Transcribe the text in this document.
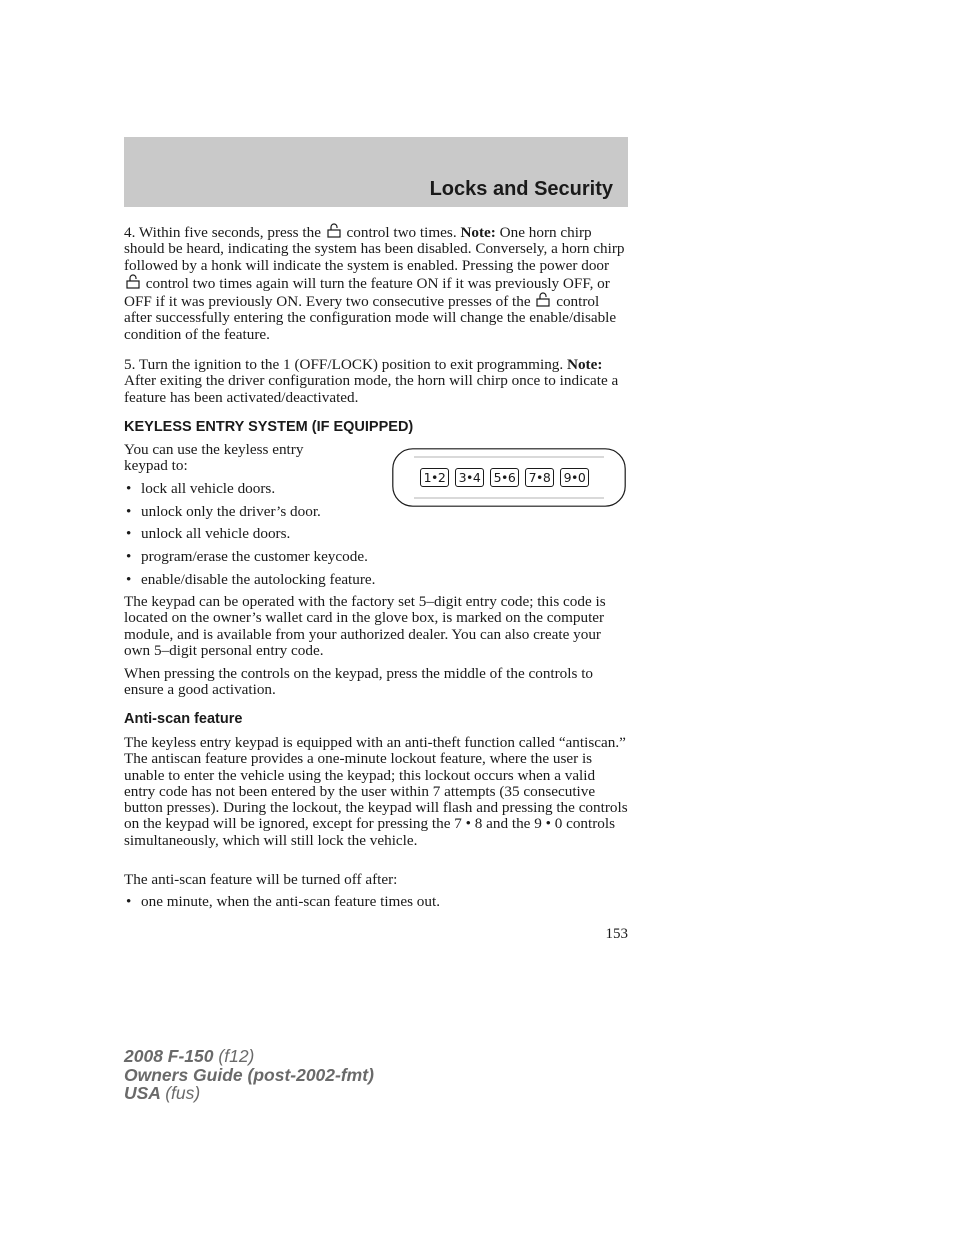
Locks and Security
4. Within five seconds, press the control two times. Note: One horn chirp should be heard, indicating the system has been disabled. Conversely, a horn chirp followed by a honk will indicate the system is enabled. Pressing the power door  control two times again will turn the feature ON if it was previously OFF, or OFF if it was previously ON. Every two consecutive presses of the control after successfully entering the configuration mode will change the enable/disable condition of the feature.
5. Turn the ignition to the 1 (OFF/LOCK) position to exit programming. Note: After exiting the driver configuration mode, the horn will chirp once to indicate a feature has been activated/deactivated.
KEYLESS ENTRY SYSTEM (IF EQUIPPED)
You can use the keyless entry keypad to:
1•2 3•4 5•6 7•8 9•0
• lock all vehicle doors.
• unlock only the driver’s door.
• unlock all vehicle doors.
• program/erase the customer keycode.
• enable/disable the autolocking feature.
The keypad can be operated with the factory set 5–digit entry code; this code is located on the owner’s wallet card in the glove box, is marked on the computer module, and is available from your authorized dealer. You can also create your own 5–digit personal entry code.
When pressing the controls on the keypad, press the middle of the controls to ensure a good activation.
Anti-scan feature
The keyless entry keypad is equipped with an anti-theft function called “antiscan.” The antiscan feature provides a one-minute lockout feature, where the user is unable to enter the vehicle using the keypad; this lockout occurs when a valid entry code has not been entered by the user within 7 attempts (35 consecutive button presses). During the lockout, the keypad will flash and pressing the controls on the keypad will be ignored, except for pressing the 7 • 8 and the 9 • 0 controls simultaneously, which will still lock the vehicle.
The anti-scan feature will be turned off after:
• one minute, when the anti-scan feature times out.
153
2008 F-150 (f12)
Owners Guide (post-2002-fmt)
USA (fus)
